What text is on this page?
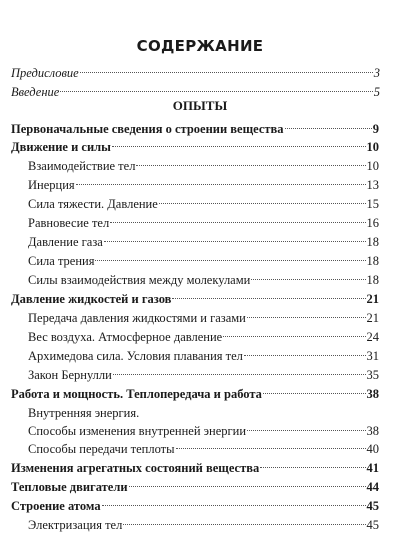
СОДЕРЖАНИЕ
Предисловие	3
Введение	5
ОПЫТЫ
Первоначальные сведения о строении вещества	9
Движение и силы	10
Взаимодействие тел	10
Инерция	13
Сила тяжести. Давление	15
Равновесие тел	16
Давление газа	18
Сила трения	18
Силы взаимодействия между молекулами	18
Давление жидкостей и газов	21
Передача давления жидкостями и газами	21
Вес воздуха. Атмосферное давление	24
Архимедова сила. Условия плавания тел	31
Закон Бернулли	35
Работа и мощность. Теплопередача и работа	38
Внутренняя энергия.
Способы изменения внутренней энергии	38
Способы передачи теплоты	40
Изменения агрегатных состояний вещества	41
Тепловые двигатели	44
Строение атома	45
Электризация тел	45
